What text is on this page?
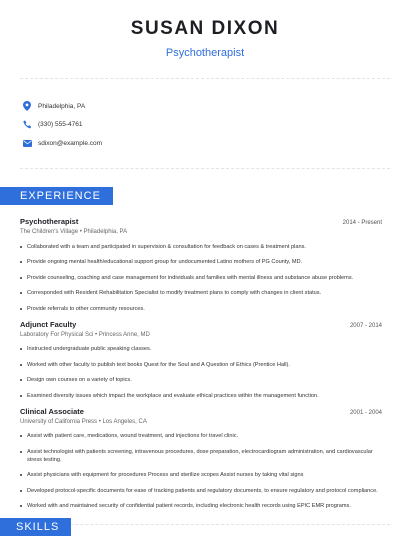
SUSAN DIXON
Psychotherapist
Philadelphia, PA
(330) 555-4761
sdixon@example.com
EXPERIENCE
Psychotherapist	2014 - Present
The Children's Village • Philadelphia, PA
Collaborated with a team and participated in supervision & consultation for feedback on cases & treatment plans.
Provide ongoing mental health/educational support group for undocumented Latino mothers of PG County, MD.
Provide counseling, coaching and case management for individuals and families with mental illness and substance abuse problems.
Corresponded with Resident Rehabilitation Specialist to modify treatment plans to comply with changes in client status.
Provide referrals to other community resources.
Adjunct Faculty	2007 - 2014
Laboratory For Physical Sci • Princess Anne, MD
Instructed undergraduate public speaking classes.
Worked with other faculty to publish text books Quest for the Soul and A Question of Ethics (Prentice Hall).
Design own courses on a variety of topics.
Examined diversity issues which impact the workplace and evaluate ethical practices within the management function.
Clinical Associate	2001 - 2004
University of California Press • Los Angeles, CA
Assist with patient care, medications, wound treatment, and injections for travel clinic.
Assist technologist with patients screening, intravenous procedures, dose preparation, electrocardiogram administration, and cardiovascular stress testing.
Assist physicians with equipment for procedures Process and sterilize scopes Assist nurses by taking vital signs
Developed protocol-specific documents for ease of tracking patients and regulatory documents, to ensure regulatory and protocol compliance.
Worked with and maintained security of confidential patient records, including electronic health records using EPIC EMR programs.
SKILLS
